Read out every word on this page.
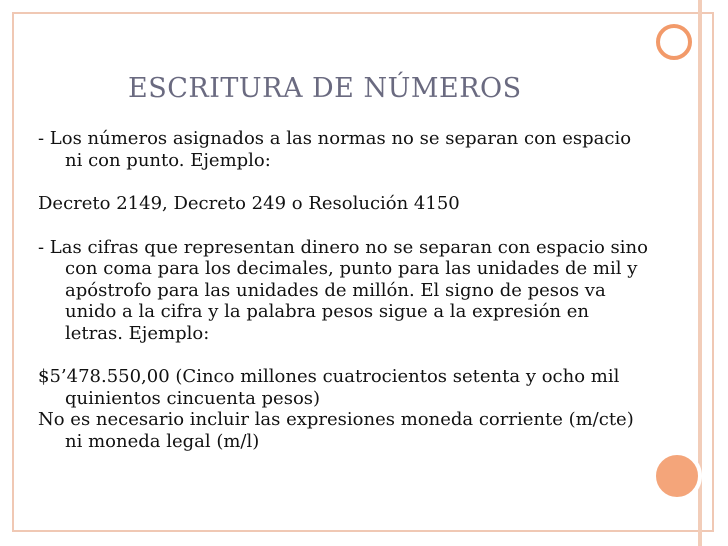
ESCRITURA DE NÚMEROS

- Los números asignados a las normas no se separan con espacio ni con punto. Ejemplo:

Decreto 2149, Decreto 249 o Resolución 4150

- Las cifras que representan dinero no se separan con espacio sino con coma para los decimales, punto para las unidades de mil y apóstrofo para las unidades de millón. El signo de pesos va unido a la cifra y la palabra pesos sigue a la expresión en letras. Ejemplo:

$5’478.550,00 (Cinco millones cuatrocientos setenta y ocho mil quinientos cincuenta pesos)

No es necesario incluir las expresiones moneda corriente (m/cte) ni moneda legal (m/l)
